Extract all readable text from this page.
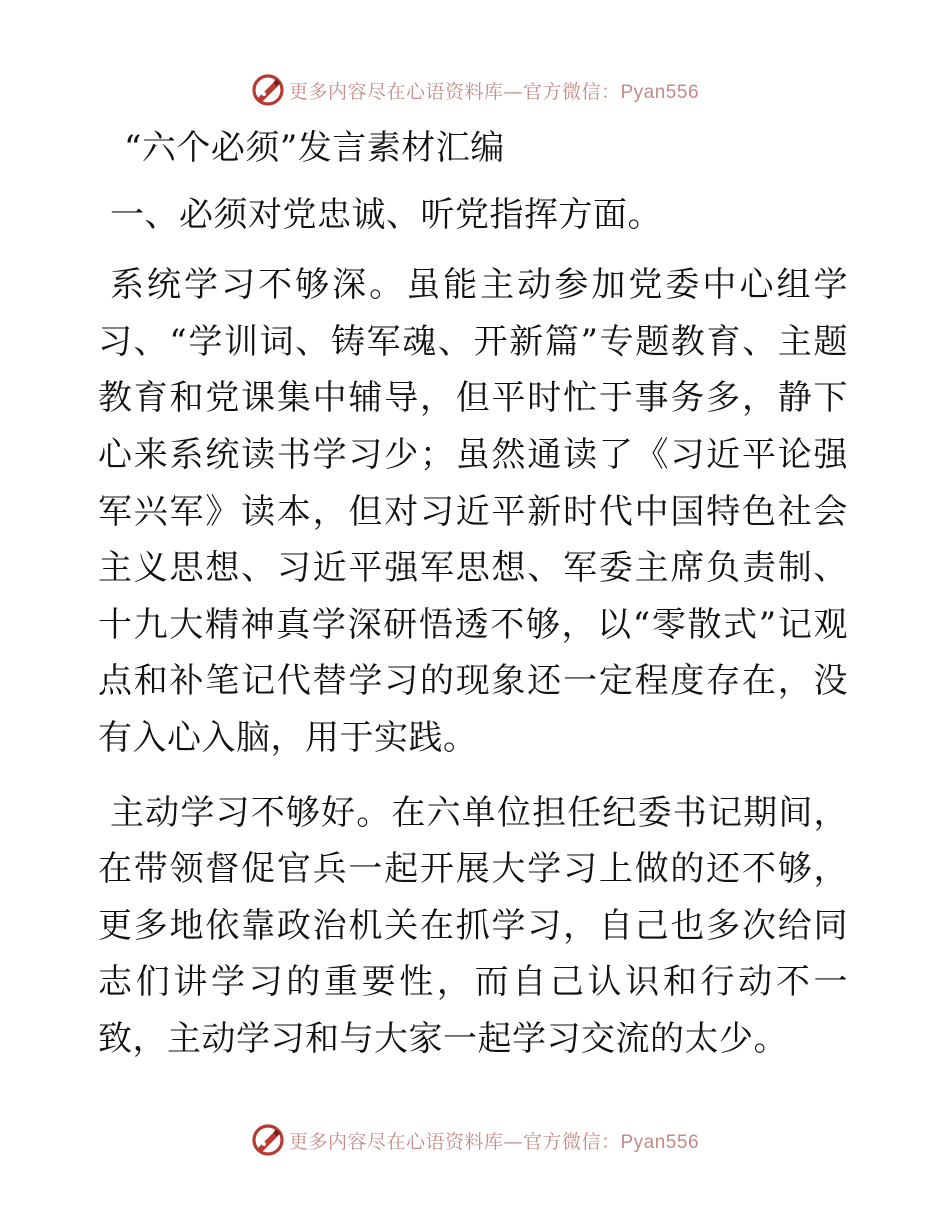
更多内容尽在心语资料库—官方微信：Pyan556

“六个必须”发言素材汇编

一、必须对党忠诚、听党指挥方面。

系统学习不够深。虽能主动参加党委中心组学习、“学训词、铸军魂、开新篇”专题教育、主题教育和党课集中辅导，但平时忙于事务多，静下心来系统读书学习少；虽然通读了《习近平论强军兴军》读本，但对习近平新时代中国特色社会主义思想、习近平强军思想、军委主席负责制、十九大精神真学深研悟透不够，以“零散式”记观点和补笔记代替学习的现象还一定程度存在，没有入心入脑，用于实践。

主动学习不够好。在六单位担任纪委书记期间，在带领督促官兵一起开展大学习上做的还不够，更多地依靠政治机关在抓学习，自己也多次给同志们讲学习的重要性，而自己认识和行动不一致，主动学习和与大家一起学习交流的太少。

更多内容尽在心语资料库—官方微信：Pyan556
